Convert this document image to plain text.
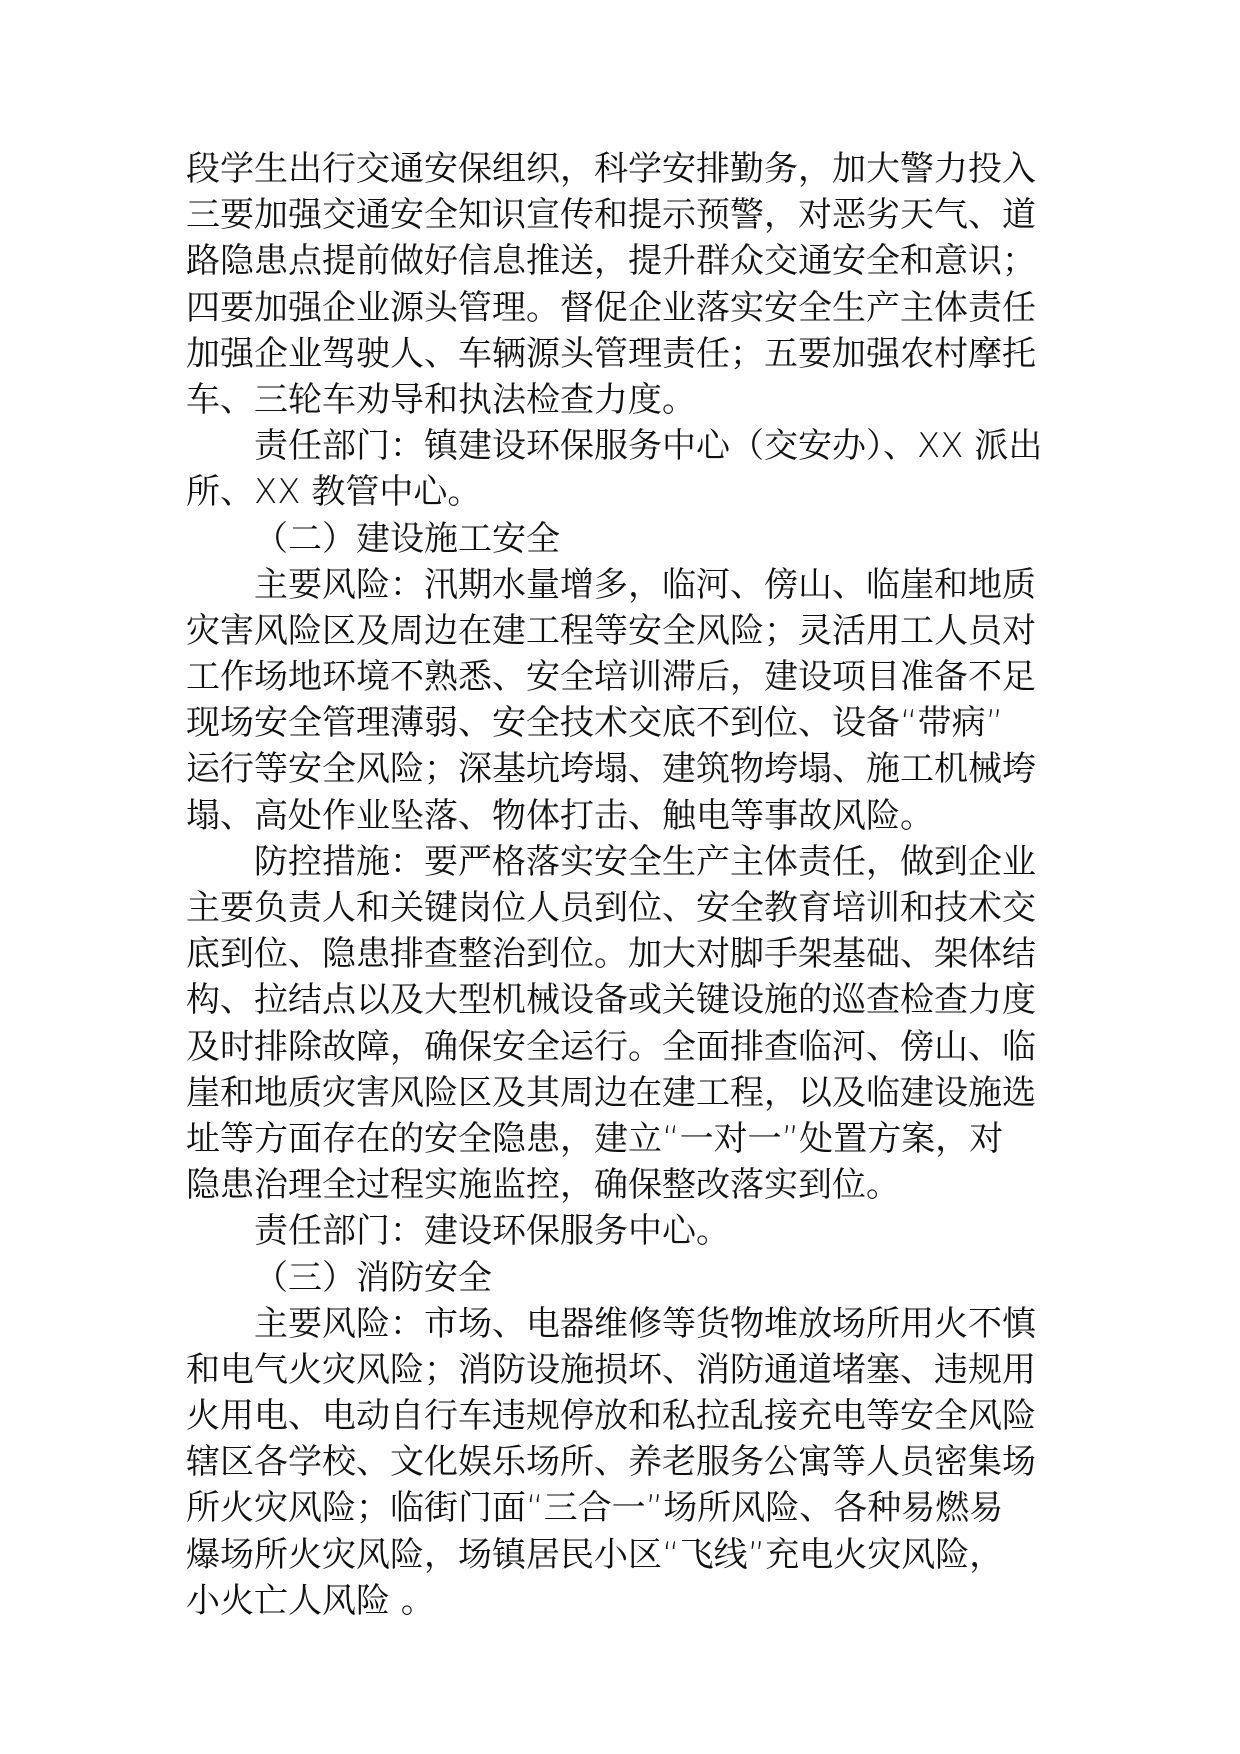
段学生出行交通安保组织，科学安排勤务，加大警力投入
三要加强交通安全知识宣传和提示预警，对恶劣天气、道
路隐患点提前做好信息推送，提升群众交通安全和意识；
四要加强企业源头管理。督促企业落实安全生产主体责任
加强企业驾驶人、车辆源头管理责任；五要加强农村摩托
车、三轮车劝导和执法检查力度。
责任部门：镇建设环保服务中心（交安办）、XX 派出
所、XX 教管中心。
（二）建设施工安全
主要风险：汛期水量增多，临河、傍山、临崖和地质
灾害风险区及周边在建工程等安全风险；灵活用工人员对
工作场地环境不熟悉、安全培训滞后，建设项目准备不足
现场安全管理薄弱、安全技术交底不到位、设备“带病”
运行等安全风险；深基坑垮塌、建筑物垮塌、施工机械垮
塌、高处作业坠落、物体打击、触电等事故风险。
防控措施：要严格落实安全生产主体责任，做到企业
主要负责人和关键岗位人员到位、安全教育培训和技术交
底到位、隐患排查整治到位。加大对脚手架基础、架体结
构、拉结点以及大型机械设备或关键设施的巡查检查力度
及时排除故障，确保安全运行。全面排查临河、傍山、临
崖和地质灾害风险区及其周边在建工程，以及临建设施选
址等方面存在的安全隐患，建立“一对一”处置方案，对
隐患治理全过程实施监控，确保整改落实到位。
责任部门：建设环保服务中心。
（三）消防安全
主要风险：市场、电器维修等货物堆放场所用火不慎
和电气火灾风险；消防设施损坏、消防通道堵塞、违规用
火用电、电动自行车违规停放和私拉乱接充电等安全风险
辖区各学校、文化娱乐场所、养老服务公寓等人员密集场
所火灾风险；临街门面“三合一”场所风险、各种易燃易
爆场所火灾风险，场镇居民小区“飞线”充电火灾风险，
小火亡人风险 。
